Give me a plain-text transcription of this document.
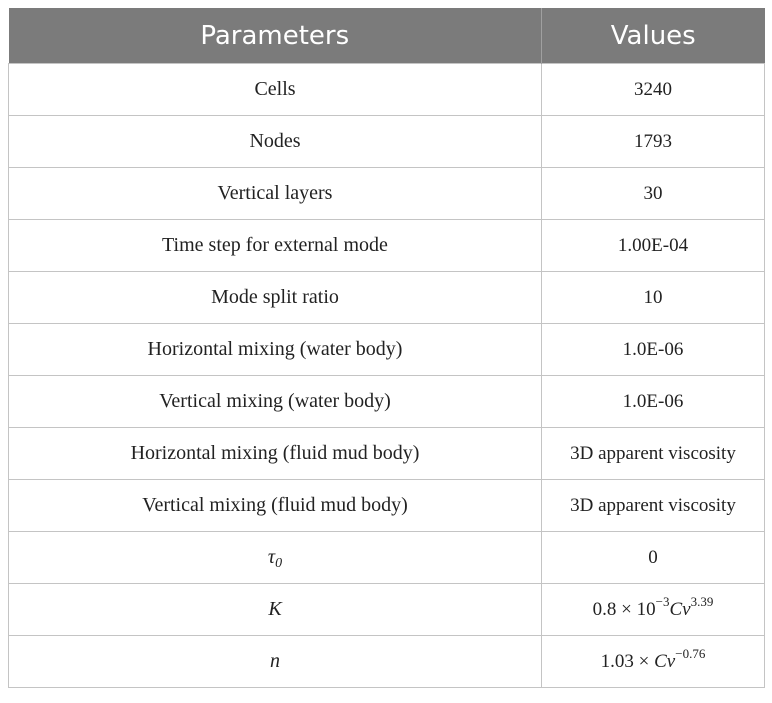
Parameters	Values
Cells	3240
Nodes	1793
Vertical layers	30
Time step for external mode	1.00E-04
Mode split ratio	10
Horizontal mixing (water body)	1.0E-06
Vertical mixing (water body)	1.0E-06
Horizontal mixing (fluid mud body)	3D apparent viscosity
Vertical mixing (fluid mud body)	3D apparent viscosity
$\tau_0$	0
K	$0.8 \times 10^{-3}Cv^{3.39}$
n	$1.03 \times Cv^{-0.76}$
